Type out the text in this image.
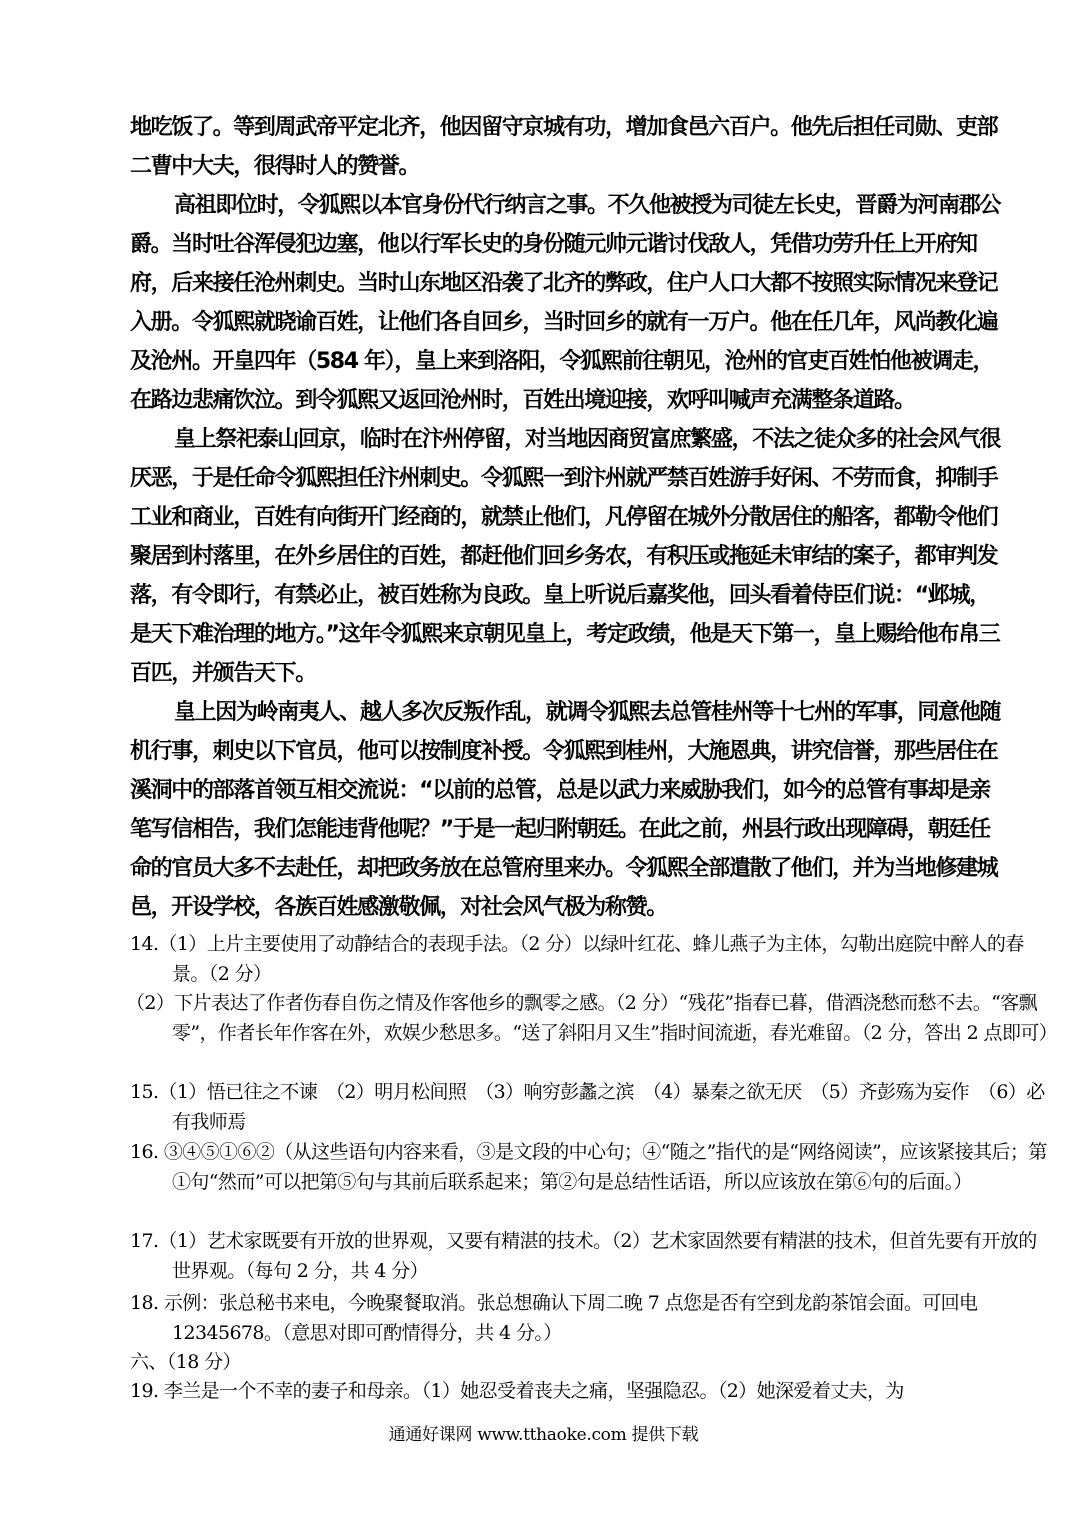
地吃饭了。等到周武帝平定北齐，他因留守京城有功，增加食邑六百户。他先后担任司勋、吏部二曹中大夫，很得时人的赞誉。

高祖即位时，令狐熙以本官身份代行纳言之事。不久他被授为司徒左长史，晋爵为河南郡公爵。当时吐谷浑侵犯边塞，他以行军长史的身份随元帅元谐讨伐敌人，凭借功劳升任上开府知府，后来接任沧州刺史。当时山东地区沿袭了北齐的弊政，住户人口大都不按照实际情况来登记入册。令狐熙就晓谕百姓，让他们各自回乡，当时回乡的就有一万户。他在任几年，风尚教化遍及沧州。开皇四年（584 年），皇上来到洛阳，令狐熙前往朝见，沧州的官吏百姓怕他被调走，在路边悲痛饮泣。到令狐熙又返回沧州时，百姓出境迎接，欢呼叫喊声充满整条道路。

皇上祭祀泰山回京，临时在汴州停留，对当地因商贸富庶繁盛，不法之徒众多的社会风气很厌恶，于是任命令狐熙担任汴州刺史。令狐熙一到汴州就严禁百姓游手好闲、不劳而食，抑制手工业和商业，百姓有向街开门经商的，就禁止他们，凡停留在城外分散居住的船客，都勒令他们聚居到村落里，在外乡居住的百姓，都赶他们回乡务农，有积压或拖延未审结的案子，都审判发落，有令即行，有禁必止，被百姓称为良政。皇上听说后嘉奖他，回头看着侍臣们说：“邺城，是天下难治理的地方。”这年令狐熙来京朝见皇上，考定政绩，他是天下第一，皇上赐给他布帛三百匹，并颁告天下。

皇上因为岭南夷人、越人多次反叛作乱，就调令狐熙去总管桂州等十七州的军事，同意他随机行事，刺史以下官员，他可以按制度补授。令狐熙到桂州，大施恩典，讲究信誉，那些居住在溪洞中的部落首领互相交流说：“以前的总管，总是以武力来威胁我们，如今的总管有事却是亲笔写信相告，我们怎能违背他呢？”于是一起归附朝廷。在此之前，州县行政出现障碍，朝廷任命的官员大多不去赴任，却把政务放在总管府里来办。令狐熙全部遣散了他们，并为当地修建城邑，开设学校，各族百姓感激敬佩，对社会风气极为称赞。

14.（1）上片主要使用了动静结合的表现手法。（2 分）以绿叶红花、蜂儿燕子为主体，勾勒出庭院中醉人的春景。（2 分）

（2）下片表达了作者伤春自伤之情及作客他乡的飘零之感。（2 分）“残花”指春已暮，借酒浇愁而愁不去。“客飘零”，作者长年作客在外，欢娱少愁思多。“送了斜阳月又生”指时间流逝，春光难留。（2 分，答出 2 点即可）

15.（1）悟已往之不谏　（2）明月松间照　（3）响穷彭蠡之滨　（4）暴秦之欲无厌　（5）齐彭殇为妄作　（6）必有我师焉

16. ③④⑤①⑥②（从这些语句内容来看，③是文段的中心句；④“随之”指代的是“网络阅读”，应该紧接其后；第①句“然而”可以把第⑤句与其前后联系起来；第②句是总结性话语，所以应该放在第⑥句的后面。）

17.（1）艺术家既要有开放的世界观，又要有精湛的技术。（2）艺术家固然要有精湛的技术，但首先要有开放的世界观。（每句 2 分，共 4 分）

18. 示例：张总秘书来电，今晚聚餐取消。张总想确认下周二晚 7 点您是否有空到龙韵茶馆会面。可回电 12345678。（意思对即可酌情得分，共 4 分。）

六、（18 分）

19. 李兰是一个不幸的妻子和母亲。（1）她忍受着丧夫之痛，坚强隐忍。（2）她深爱着丈夫，为

通通好课网 www.tthaoke.com 提供下载
